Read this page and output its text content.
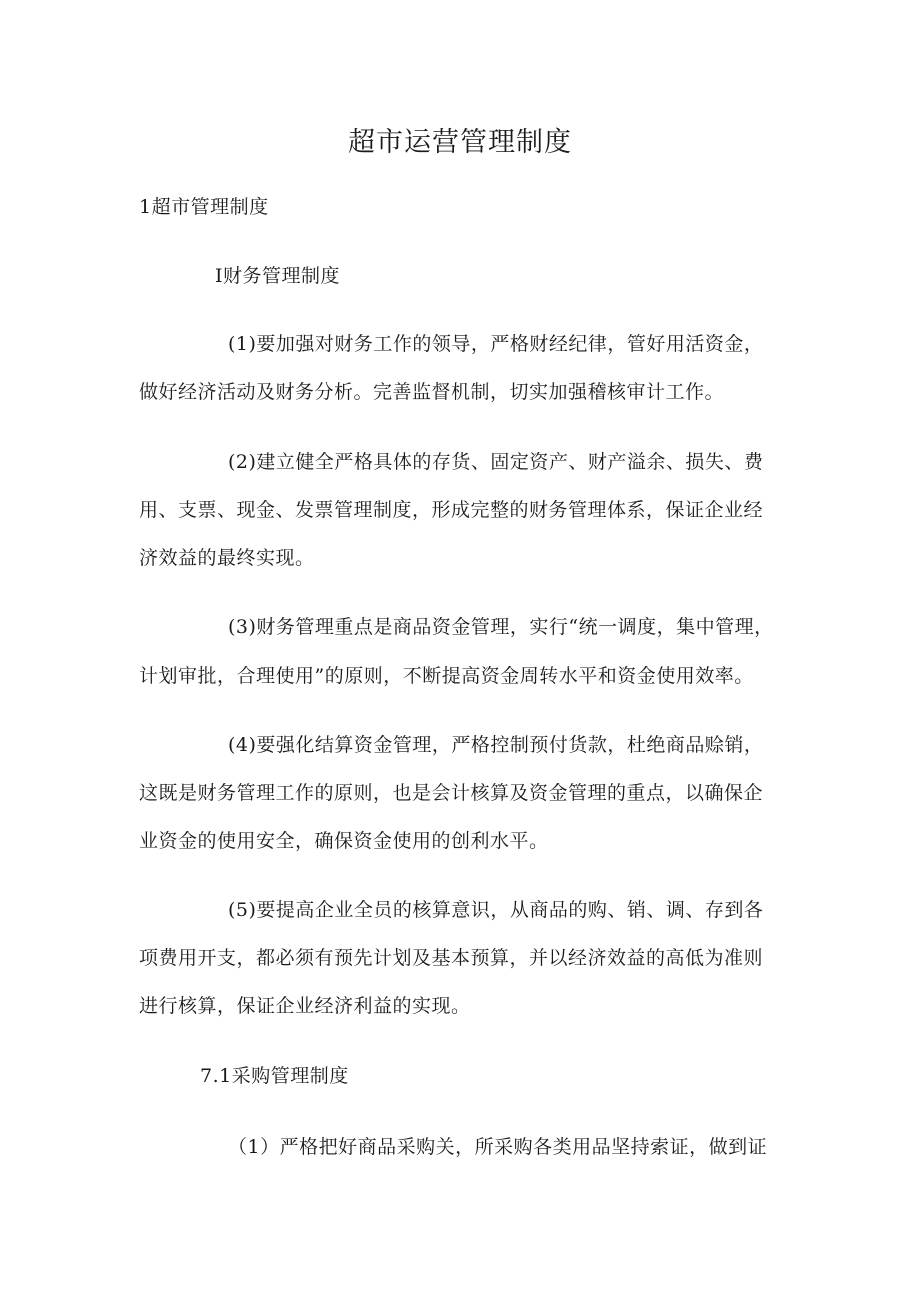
超市运营管理制度
1超市管理制度
I财务管理制度
(1)要加强对财务工作的领导，严格财经纪律，管好用活资金，
做好经济活动及财务分析。完善监督机制，切实加强稽核审计工作。
(2)建立健全严格具体的存货、固定资产、财产溢余、损失、费
用、支票、现金、发票管理制度，形成完整的财务管理体系，保证企业经
济效益的最终实现。
(3)财务管理重点是商品资金管理，实行“统一调度，集中管理，
计划审批，合理使用”的原则，不断提高资金周转水平和资金使用效率。
(4)要强化结算资金管理，严格控制预付货款，杜绝商品赊销，
这既是财务管理工作的原则，也是会计核算及资金管理的重点，以确保企
业资金的使用安全，确保资金使用的创利水平。
(5)要提高企业全员的核算意识，从商品的购、销、调、存到各
项费用开支，都必须有预先计划及基本预算，并以经济效益的高低为准则
进行核算，保证企业经济利益的实现。
7.1采购管理制度
（1）严格把好商品采购关，所采购各类用品坚持索证，做到证
